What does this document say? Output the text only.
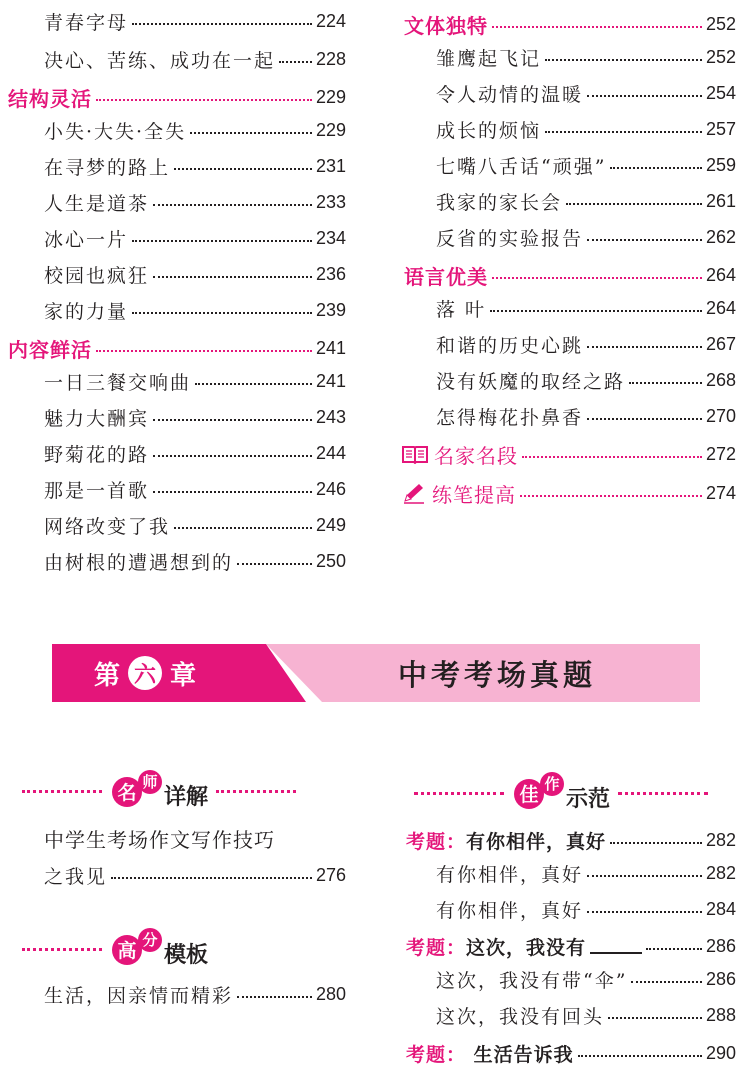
青春字母	224
决心、苦练、成功在一起 228
结构灵活	229
小失·大失·全失	229
在寻梦的路上	231
人生是道茶	233
冰心一片	234
校园也疯狂	236
家的力量	239
内容鲜活	241
一日三餐交响曲	241
魅力大酬宾	243
野菊花的路	244
那是一首歌	246
网络改变了我	249
由树根的遭遇想到的	250
文体独特	252
雏鹰起飞记	252
令人动情的温暖	254
成长的烦恼	257
七嘴八舌话“顽强”	259
我家的家长会	261
反省的实验报告	262
语言优美	264
落 叶	264
和谐的历史心跳	267
没有妖魔的取经之路	268
怎得梅花扑鼻香	270
名家名段	272
练笔提高	274
第 六 章	中考考场真题
名 师
详解
中学生考场作文写作技巧
之我见	276
高 分
模板
生活，因亲情而精彩	280
佳 作
示范
考题：有你相伴，真好	282
有你相伴，真好	282
有你相伴，真好	284
考题：这次，我没有	286
这次，我没有带“伞”	286
这次，我没有回头	288
考题： 生活告诉我	290
